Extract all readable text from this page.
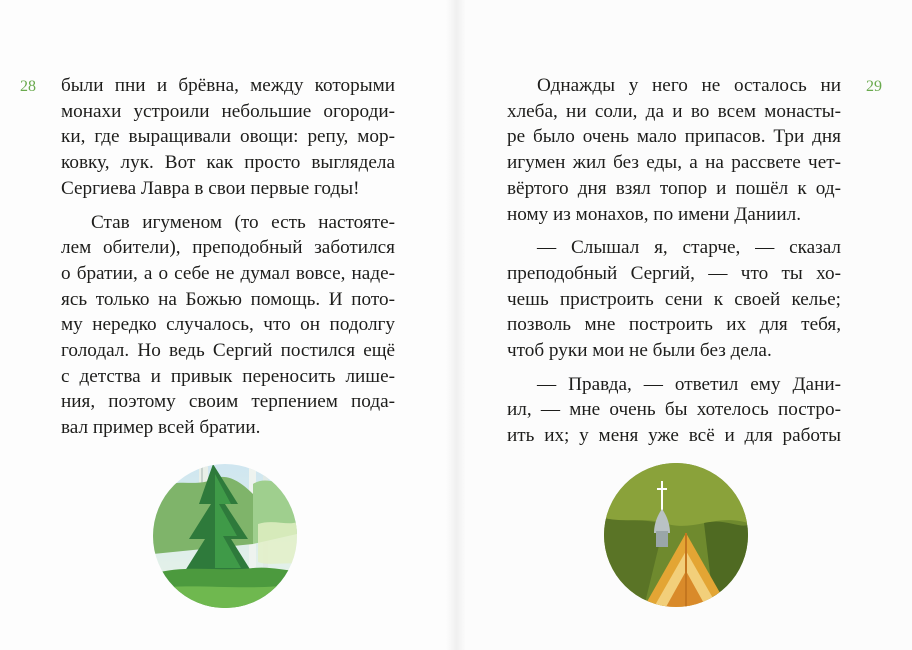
28	29
были пни и брёвна, между которыми
монахи устроили небольшие огороди-
ки, где выращивали овощи: репу, мор-
ковку, лук. Вот как просто выглядела
Сергиева Лавра в свои первые годы!
Став игуменом (то есть настояте-
лем обители), преподобный заботился
о братии, а о себе не думал вовсе, наде-
ясь только на Божью помощь. И пото-
му нередко случалось, что он подолгу
голодал. Но ведь Сергий постился ещё
с детства и привык переносить лише-
ния, поэтому своим терпением пода-
вал пример всей братии.
Однажды у него не осталось ни
хлеба, ни соли, да и во всем монасты-
ре было очень мало припасов. Три дня
игумен жил без еды, а на рассвете чет-
вёртого дня взял топор и пошёл к од-
ному из монахов, по имени Даниил.
— Слышал я, старче, — сказал
преподобный Сергий, — что ты хо-
чешь пристроить сени к своей келье;
позволь мне построить их для тебя,
чтоб руки мои не были без дела.
— Правда, — ответил ему Дани-
ил, — мне очень бы хотелось постро-
ить их; у меня уже всё и для работы
